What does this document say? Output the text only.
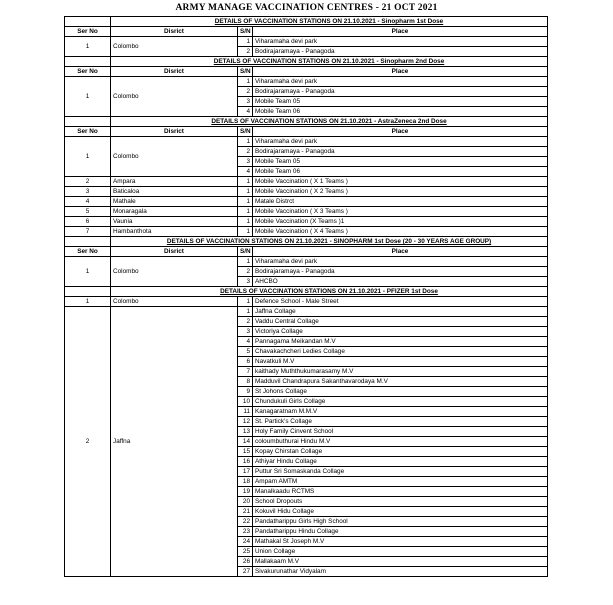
ARMY MANAGE VACCINATION CENTRES - 21 OCT 2021
	DETAILS OF VACCINATION STATIONS ON 21.10.2021 - Sinopharm 1st Dose		
Ser No	Disrict	S/N	Place
1	Colombo	1	Viharamaha devi park
		2	Bodirajaramaya - Panagoda
	DETAILS OF VACCINATION STATIONS ON 21.10.2021 - Sinopharm 2nd Dose		
Ser No	Disrict	S/N	Place
1	Colombo	1	Viharamaha devi park
		2	Bodirajaramaya - Panagoda
		3	Mobile Team 05
		4	Mobile Team 06
	DETAILS OF VACCINATION STATIONS ON 21.10.2021 - AstraZeneca 2nd Dose		
Ser No	Disrict	S/N	Place
1	Colombo	1	Viharamaha devi park
		2	Bodirajaramaya - Panagoda
		3	Mobile Team 05
		4	Mobile Team 06
2	Ampara	1	Mobile Vaccination ( X 1 Teams )
3	Baticaloa	1	Mobile Vaccination ( X 2 Teams )
4	Mathale	1	Matale Distrct
5	Monaragala	1	Mobile Vaccination ( X 3 Teams )
6	Vaunia	1	Mobile Vaccination (X Teams )1
7	Hambanthota	1	Mobile Vaccination ( X 4 Teams )
	DETAILS OF VACCINATION STATIONS ON 21.10.2021 - SINOPHARM 1st Dose (20 - 30 YEARS AGE GROUP)		
Ser No	Disrict	S/N	Place
1	Colombo	1	Viharamaha devi park
		2	Bodirajaramaya - Panagoda
		3	AHCBO
	DETAILS OF VACCINATION STATIONS ON 21.10.2021 - PFIZER 1st Dose		
1	Colombo	1	Defence School - Male Street
2	Jaffna	1	Jaffna Collage
		2	Vaddu Central Collage
		3	Victoriya Collage
		4	Pannagama Meikandan M.V
		5	Chavakachcheri Ledies Collage
		6	Navatkuli M.V
		7	kaithady Muththukumarasamy M.V
		8	Madduvil Chandrapura Sakanthavarodaya M.V
		9	St Johons Collage
		10	Chundukuli Girls Collage
		11	Kanagaratnam M.M.V
		12	St. Partick's Collage
		13	Holy Family Cinvent School
		14	coloumbuthurai Hindu M.V
		15	Kopay Chirstan Collage
		16	Athiyar Hindu Collage
		17	Puttur Sri Somaskanda Collage
		18	Ampam AMTM
		19	Manalkaadu RCTMS
		20	School Dropouts
		21	Kokuvil Hidu Collage
		22	Pandatharippu Girls High School
		23	Pandatharippu Hindu Collage
		24	Mathakal St Joseph M.V
		25	Union Collage
		26	Mallakaam M.V
		27	Sivakurunathar Vidyalam
